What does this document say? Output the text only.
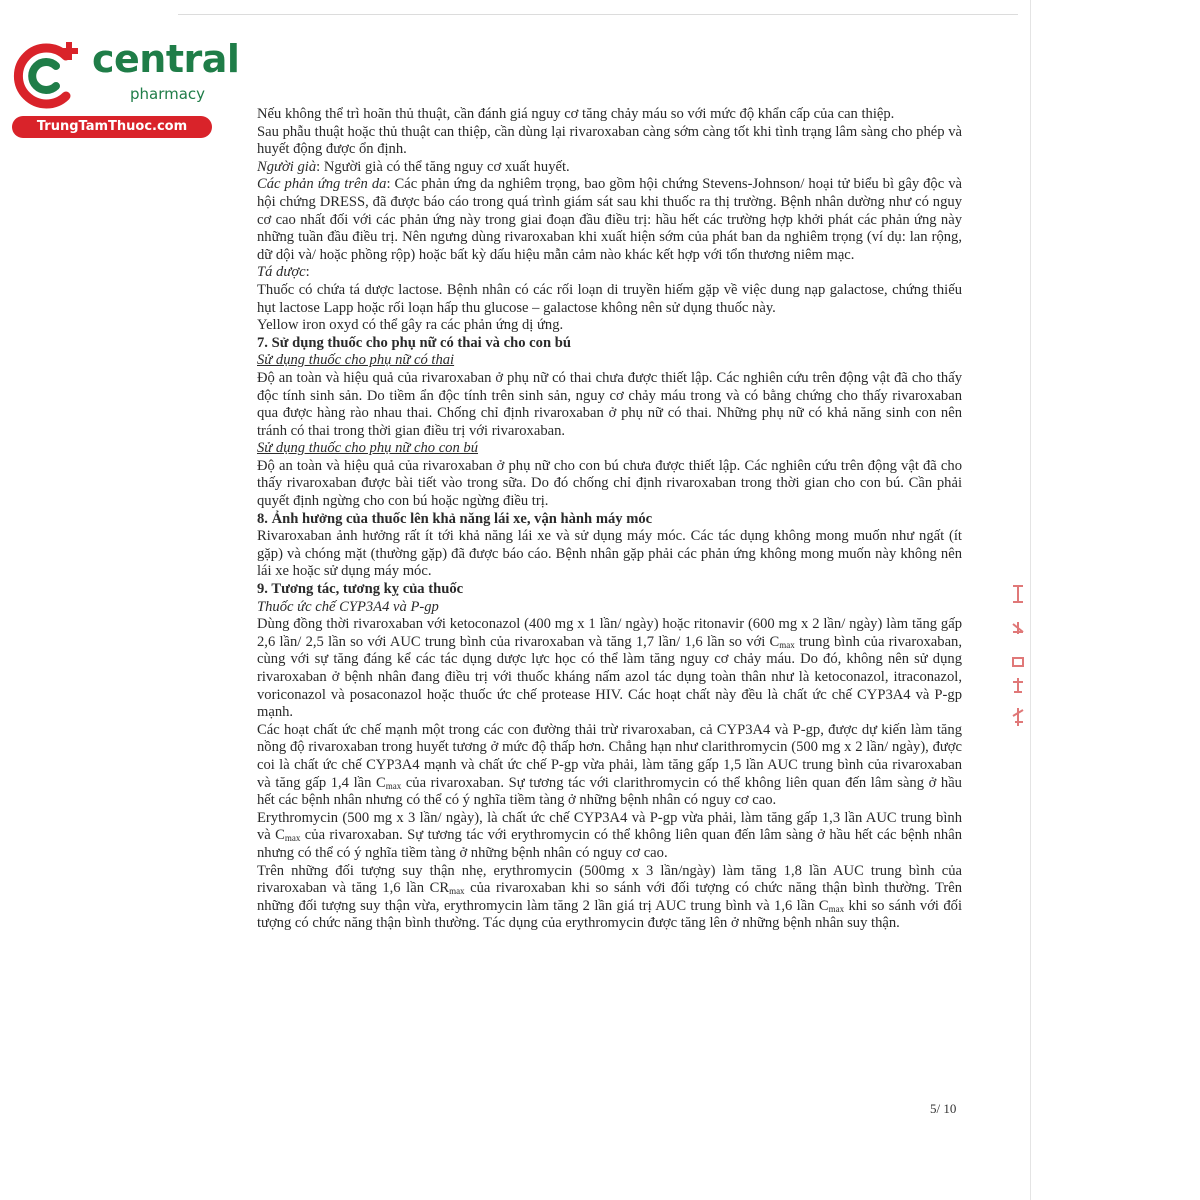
central
pharmacy
TrungTamThuoc.com

Nếu không thể trì hoãn thủ thuật, cần đánh giá nguy cơ tăng chảy máu so với mức độ khẩn cấp của can thiệp.

Sau phẫu thuật hoặc thủ thuật can thiệp, cần dùng lại rivaroxaban càng sớm càng tốt khi tình trạng lâm sàng cho phép và huyết động được ổn định.

Người già: Người già có thể tăng nguy cơ xuất huyết.

Các phản ứng trên da: Các phản ứng da nghiêm trọng, bao gồm hội chứng Stevens-Johnson/ hoại tử biểu bì gây độc và hội chứng DRESS, đã được báo cáo trong quá trình giám sát sau khi thuốc ra thị trường. Bệnh nhân dường như có nguy cơ cao nhất đối với các phản ứng này trong giai đoạn đầu điều trị: hầu hết các trường hợp khởi phát các phản ứng này những tuần đầu điều trị. Nên ngưng dùng rivaroxaban khi xuất hiện sớm của phát ban da nghiêm trọng (ví dụ: lan rộng, dữ dội và/ hoặc phồng rộp) hoặc bất kỳ dấu hiệu mẫn cảm nào khác kết hợp với tổn thương niêm mạc.

Tá dược:

Thuốc có chứa tá dược lactose. Bệnh nhân có các rối loạn di truyền hiếm gặp về việc dung nạp galactose, chứng thiếu hụt lactose Lapp hoặc rối loạn hấp thu glucose – galactose không nên sử dụng thuốc này.

Yellow iron oxyd có thể gây ra các phản ứng dị ứng.

7. Sử dụng thuốc cho phụ nữ có thai và cho con bú

Sử dụng thuốc cho phụ nữ có thai

Độ an toàn và hiệu quả của rivaroxaban ở phụ nữ có thai chưa được thiết lập. Các nghiên cứu trên động vật đã cho thấy độc tính sinh sản. Do tiềm ẩn độc tính trên sinh sản, nguy cơ chảy máu trong và có bằng chứng cho thấy rivaroxaban qua được hàng rào nhau thai. Chống chỉ định rivaroxaban ở phụ nữ có thai. Những phụ nữ có khả năng sinh con nên tránh có thai trong thời gian điều trị với rivaroxaban.

Sử dụng thuốc cho phụ nữ cho con bú

Độ an toàn và hiệu quả của rivaroxaban ở phụ nữ cho con bú chưa được thiết lập. Các nghiên cứu trên động vật đã cho thấy rivaroxaban được bài tiết vào trong sữa. Do đó chống chỉ định rivaroxaban trong thời gian cho con bú. Cần phải quyết định ngừng cho con bú hoặc ngừng điều trị.

8. Ảnh hưởng của thuốc lên khả năng lái xe, vận hành máy móc

Rivaroxaban ảnh hưởng rất ít tới khả năng lái xe và sử dụng máy móc. Các tác dụng không mong muốn như ngất (ít gặp) và chóng mặt (thường gặp) đã được báo cáo. Bệnh nhân gặp phải các phản ứng không mong muốn này không nên lái xe hoặc sử dụng máy móc.

9. Tương tác, tương kỵ của thuốc

Thuốc ức chế CYP3A4 và P-gp

Dùng đồng thời rivaroxaban với ketoconazol (400 mg x 1 lần/ ngày) hoặc ritonavir (600 mg x 2 lần/ ngày) làm tăng gấp 2,6 lần/ 2,5 lần so với AUC trung bình của rivaroxaban và tăng 1,7 lần/ 1,6 lần so với $C_{max}$ trung bình của rivaroxaban, cùng với sự tăng đáng kể các tác dụng dược lực học có thể làm tăng nguy cơ chảy máu. Do đó, không nên sử dụng rivaroxaban ở bệnh nhân đang điều trị với thuốc kháng nấm azol tác dụng toàn thân như là ketoconazol, itraconazol, voriconazol và posaconazol hoặc thuốc ức chế protease HIV. Các hoạt chất này đều là chất ức chế CYP3A4 và P-gp mạnh.

Các hoạt chất ức chế mạnh một trong các con đường thải trừ rivaroxaban, cả CYP3A4 và P-gp, được dự kiến làm tăng nồng độ rivaroxaban trong huyết tương ở mức độ thấp hơn. Chẳng hạn như clarithromycin (500 mg x 2 lần/ ngày), được coi là chất ức chế CYP3A4 mạnh và chất ức chế P-gp vừa phải, làm tăng gấp 1,5 lần AUC trung bình của rivaroxaban và tăng gấp 1,4 lần $C_{max}$ của rivaroxaban. Sự tương tác với clarithromycin có thể không liên quan đến lâm sàng ở hầu hết các bệnh nhân nhưng có thể có ý nghĩa tiềm tàng ở những bệnh nhân có nguy cơ cao.

Erythromycin (500 mg x 3 lần/ ngày), là chất ức chế CYP3A4 và P-gp vừa phải, làm tăng gấp 1,3 lần AUC trung bình và $C_{max}$ của rivaroxaban. Sự tương tác với erythromycin có thể không liên quan đến lâm sàng ở hầu hết các bệnh nhân nhưng có thể có ý nghĩa tiềm tàng ở những bệnh nhân có nguy cơ cao.

Trên những đối tượng suy thận nhẹ, erythromycin (500mg x 3 lần/ngày) làm tăng 1,8 lần AUC trung bình của rivaroxaban và tăng 1,6 lần $CR_{max}$ của rivaroxaban khi so sánh với đối tượng có chức năng thận bình thường. Trên những đối tượng suy thận vừa, erythromycin làm tăng 2 lần giá trị AUC trung bình và 1,6 lần $C_{max}$ khi so sánh với đối tượng có chức năng thận bình thường. Tác dụng của erythromycin được tăng lên ở những bệnh nhân suy thận.

5/ 10
